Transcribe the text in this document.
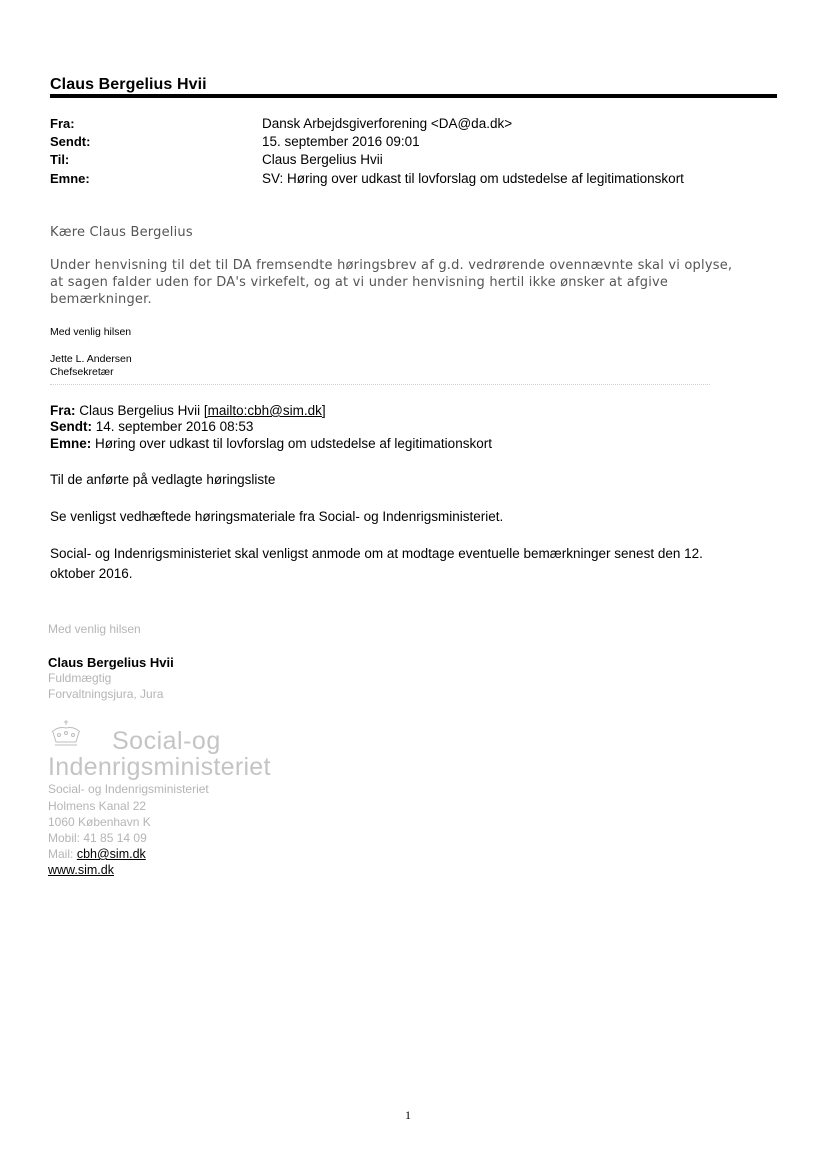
Claus Bergelius Hvii
Fra:	Dansk Arbejdsgiverforening <DA@da.dk>
Sendt:	15. september 2016 09:01
Til:	Claus Bergelius Hvii
Emne:	SV: Høring over udkast til lovforslag om udstedelse af legitimationskort
Kære Claus Bergelius
Under henvisning til det til DA fremsendte høringsbrev af g.d. vedrørende ovennævnte skal vi oplyse,
at sagen falder uden for DA's virkefelt, og at vi under henvisning hertil ikke ønsker at afgive
bemærkninger.
Med venlig hilsen
Jette L. Andersen
Chefsekretær
Fra: Claus Bergelius Hvii [mailto:cbh@sim.dk]
Sendt: 14. september 2016 08:53
Emne: Høring over udkast til lovforslag om udstedelse af legitimationskort
Til de anførte på vedlagte høringsliste
Se venligst vedhæftede høringsmateriale fra Social- og Indenrigsministeriet.
Social- og Indenrigsministeriet skal venligst anmode om at modtage eventuelle bemærkninger senest den 12.
oktober 2016.
Med venlig hilsen
Claus Bergelius Hvii
Fuldmægtig
Forvaltningsjura, Jura
Social-og
Indenrigsministeriet
Social- og Indenrigsministeriet
Holmens Kanal 22
1060 København K
Mobil: 41 85 14 09
Mail: cbh@sim.dk
www.sim.dk
1
